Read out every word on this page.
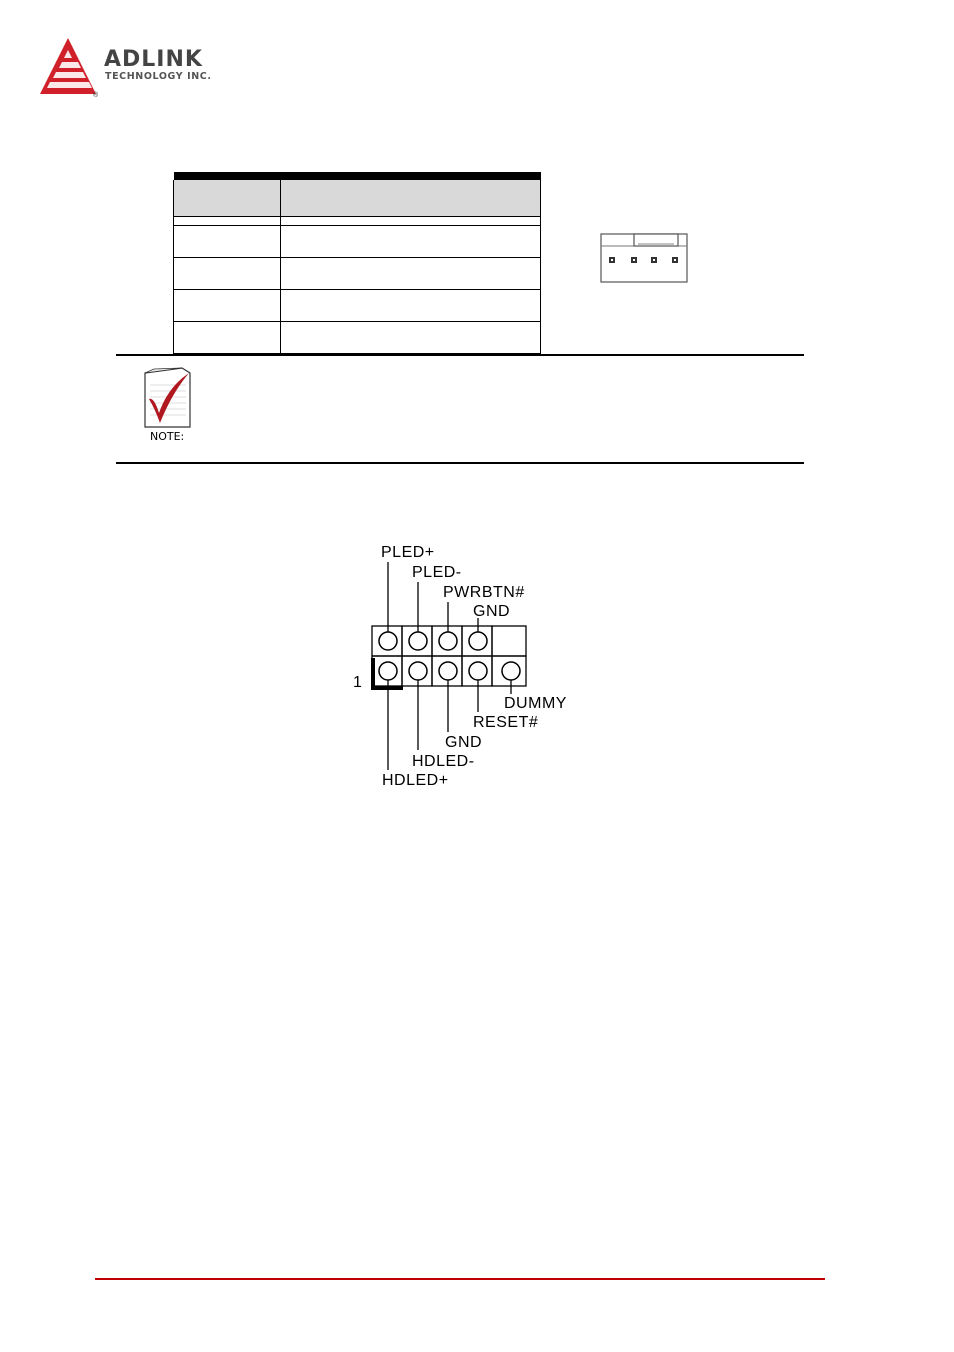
®
ADLINK
TECHNOLOGY INC.

NOTE:
1
PLED+
PLED-
PWRBTN#
GND
DUMMY
RESET#
GND
HDLED-
HDLED+
